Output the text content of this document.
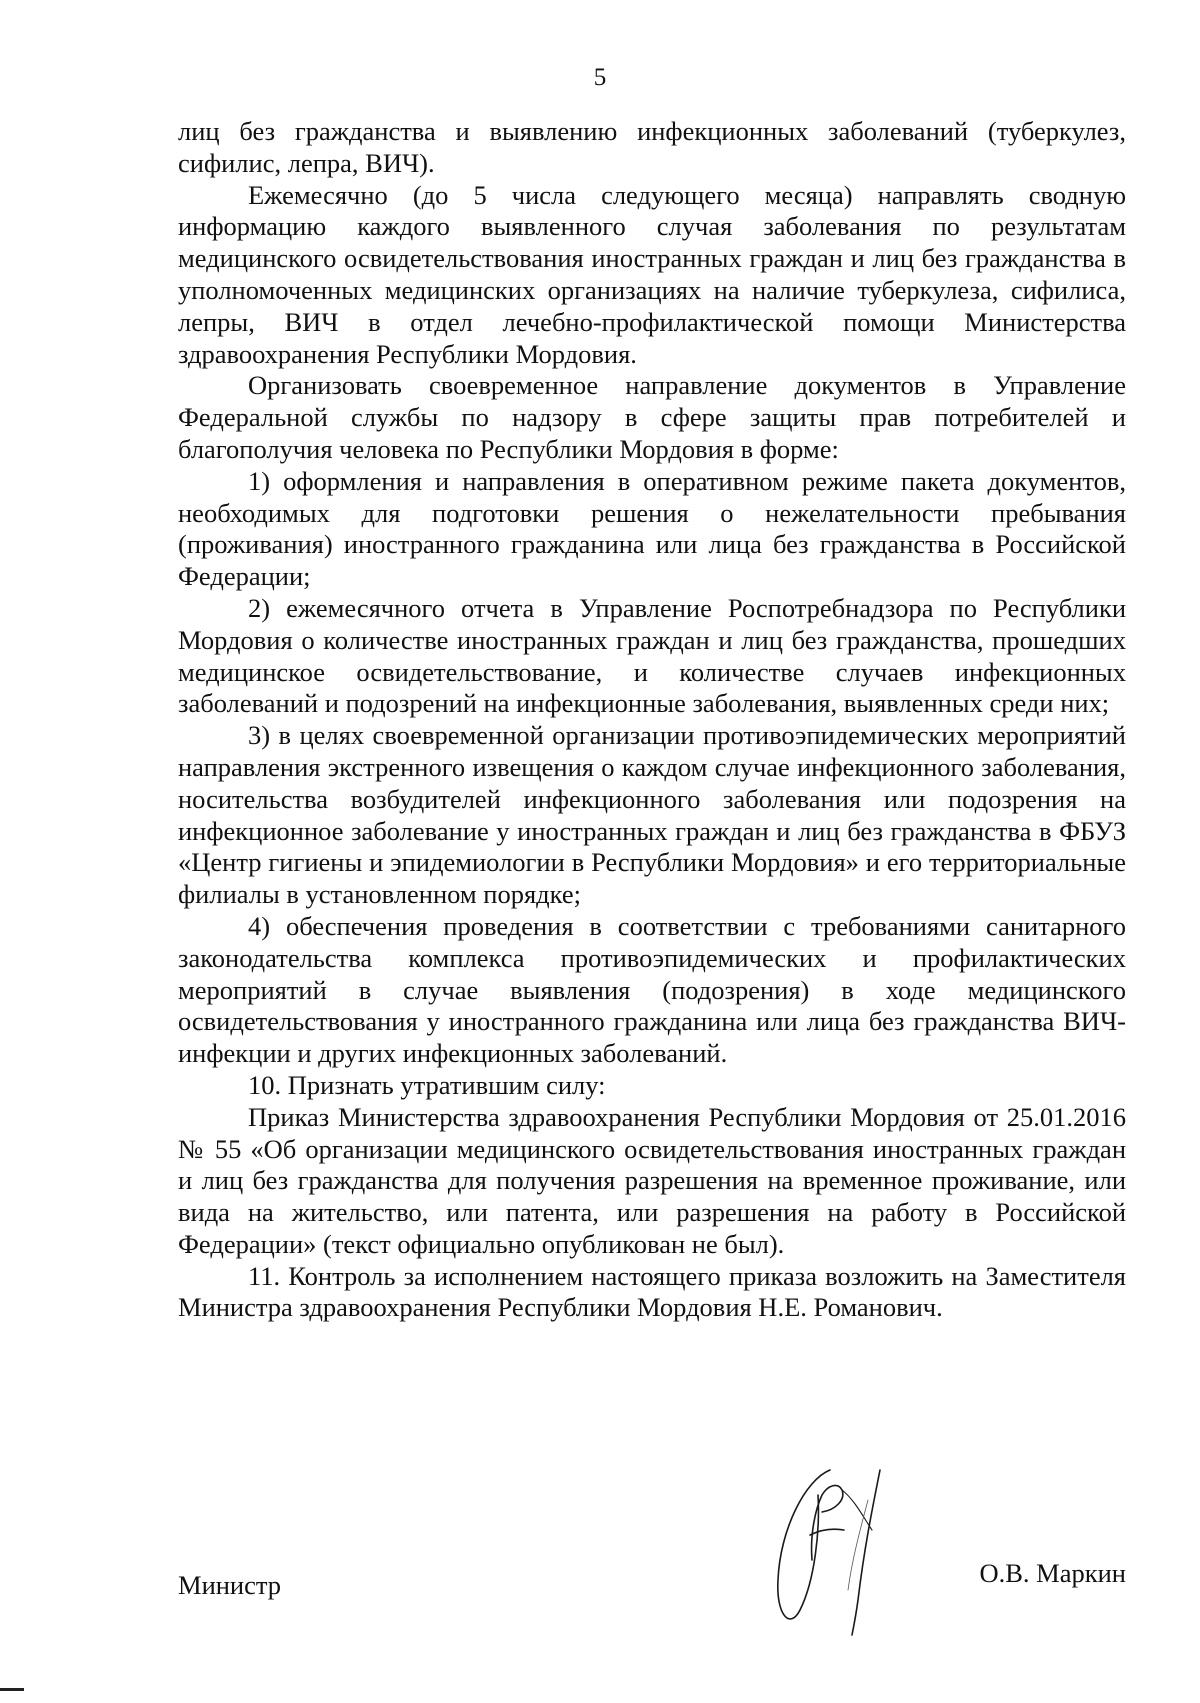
5

лиц без гражданства и выявлению инфекционных заболеваний (туберкулез, сифилис, лепра, ВИЧ).

Ежемесячно (до 5 числа следующего месяца) направлять сводную информацию каждого выявленного случая заболевания по результатам медицинского освидетельствования иностранных граждан и лиц без гражданства в уполномоченных медицинских организациях на наличие туберкулеза, сифилиса, лепры, ВИЧ в отдел лечебно-профилактической помощи Министерства здравоохранения Республики Мордовия.

Организовать своевременное направление документов в Управление Федеральной службы по надзору в сфере защиты прав потребителей и благополучия человека по Республики Мордовия в форме:

1) оформления и направления в оперативном режиме пакета документов, необходимых для подготовки решения о нежелательности пребывания (проживания) иностранного гражданина или лица без гражданства в Российской Федерации;

2) ежемесячного отчета в Управление Роспотребнадзора по Республики Мордовия о количестве иностранных граждан и лиц без гражданства, прошедших медицинское освидетельствование, и количестве случаев инфекционных заболеваний и подозрений на инфекционные заболевания, выявленных среди них;

3) в целях своевременной организации противоэпидемических мероприятий направления экстренного извещения о каждом случае инфекционного заболевания, носительства возбудителей инфекционного заболевания или подозрения на инфекционное заболевание у иностранных граждан и лиц без гражданства в ФБУЗ «Центр гигиены и эпидемиологии в Республики Мордовия» и его территориальные филиалы в установленном порядке;

4) обеспечения проведения в соответствии с требованиями санитарного законодательства комплекса противоэпидемических и профилактических мероприятий в случае выявления (подозрения) в ходе медицинского освидетельствования у иностранного гражданина или лица без гражданства ВИЧ-инфекции и других инфекционных заболеваний.

10. Признать утратившим силу:

Приказ Министерства здравоохранения Республики Мордовия от 25.01.2016 № 55 «Об организации медицинского освидетельствования иностранных граждан и лиц без гражданства для получения разрешения на временное проживание, или вида на жительство, или патента, или разрешения на работу в Российской Федерации» (текст официально опубликован не был).

11. Контроль за исполнением настоящего приказа возложить на Заместителя Министра здравоохранения Республики Мордовия Н.Е. Романович.

Министр	О.В. Маркин
